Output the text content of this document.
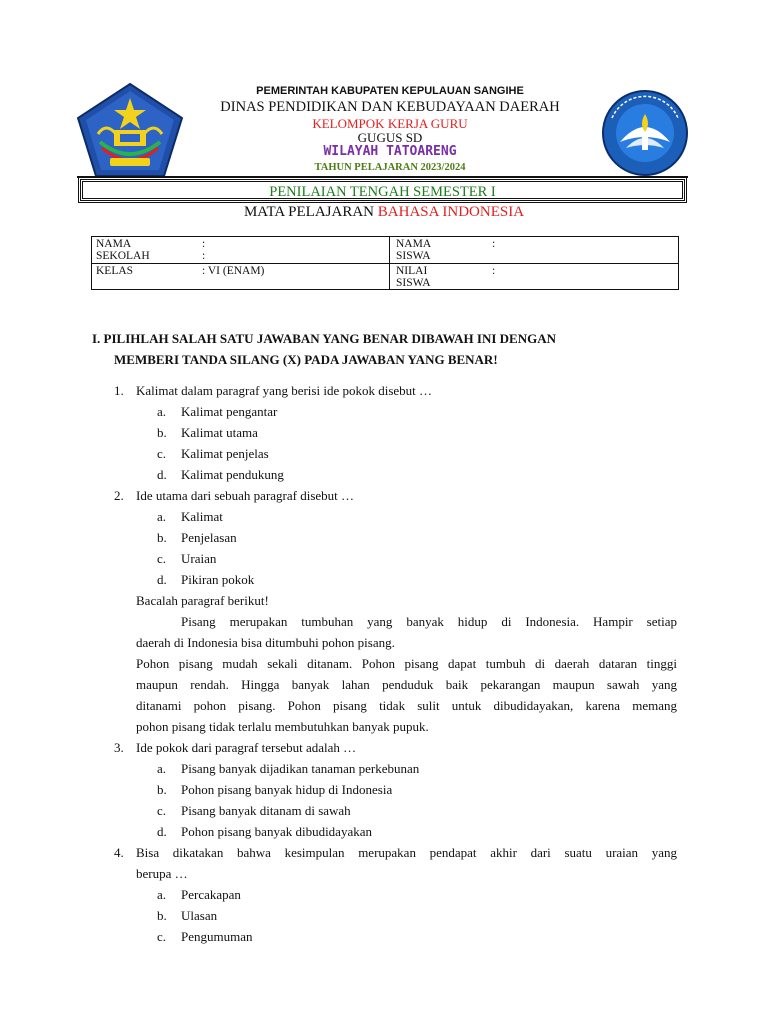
PEMERINTAH KABUPATEN KEPULAUAN SANGIHE
DINAS PENDIDIKAN DAN KEBUDAYAAN DAERAH
KELOMPOK KERJA GURU
GUGUS SD
WILAYAH TATOARENG
TAHUN PELAJARAN 2023/2024
PENILAIAN TENGAH SEMESTER I
MATA PELAJARAN BAHASA INDONESIA
NAMA
SEKOLAH
:
:
NAMA
SISWA
:
KELAS	: VI (ENAM)	NILAI
SISWA
:
I. PILIHLAH SALAH SATU JAWABAN YANG BENAR DIBAWAH INI DENGAN
MEMBERI TANDA SILANG (X) PADA JAWABAN YANG BENAR!
1. Kalimat dalam paragraf yang berisi ide pokok disebut …
a. Kalimat pengantar
b. Kalimat utama
c. Kalimat penjelas
d. Kalimat pendukung
2. Ide utama dari sebuah paragraf disebut …
a. Kalimat
b. Penjelasan
c. Uraian
d. Pikiran pokok
Bacalah paragraf berikut!
Pisang merupakan tumbuhan yang banyak hidup di Indonesia. Hampir setiap
daerah di Indonesia bisa ditumbuhi pohon pisang.
Pohon pisang mudah sekali ditanam. Pohon pisang dapat tumbuh di daerah dataran tinggi
maupun rendah. Hingga banyak lahan penduduk baik pekarangan maupun sawah yang
ditanami pohon pisang. Pohon pisang tidak sulit untuk dibudidayakan, karena memang
pohon pisang tidak terlalu membutuhkan banyak pupuk.
3. Ide pokok dari paragraf tersebut adalah …
a. Pisang banyak dijadikan tanaman perkebunan
b. Pohon pisang banyak hidup di Indonesia
c. Pisang banyak ditanam di sawah
d. Pohon pisang banyak dibudidayakan
4. Bisa dikatakan bahwa kesimpulan merupakan pendapat akhir dari suatu uraian yang
berupa …
a. Percakapan
b. Ulasan
c. Pengumuman
